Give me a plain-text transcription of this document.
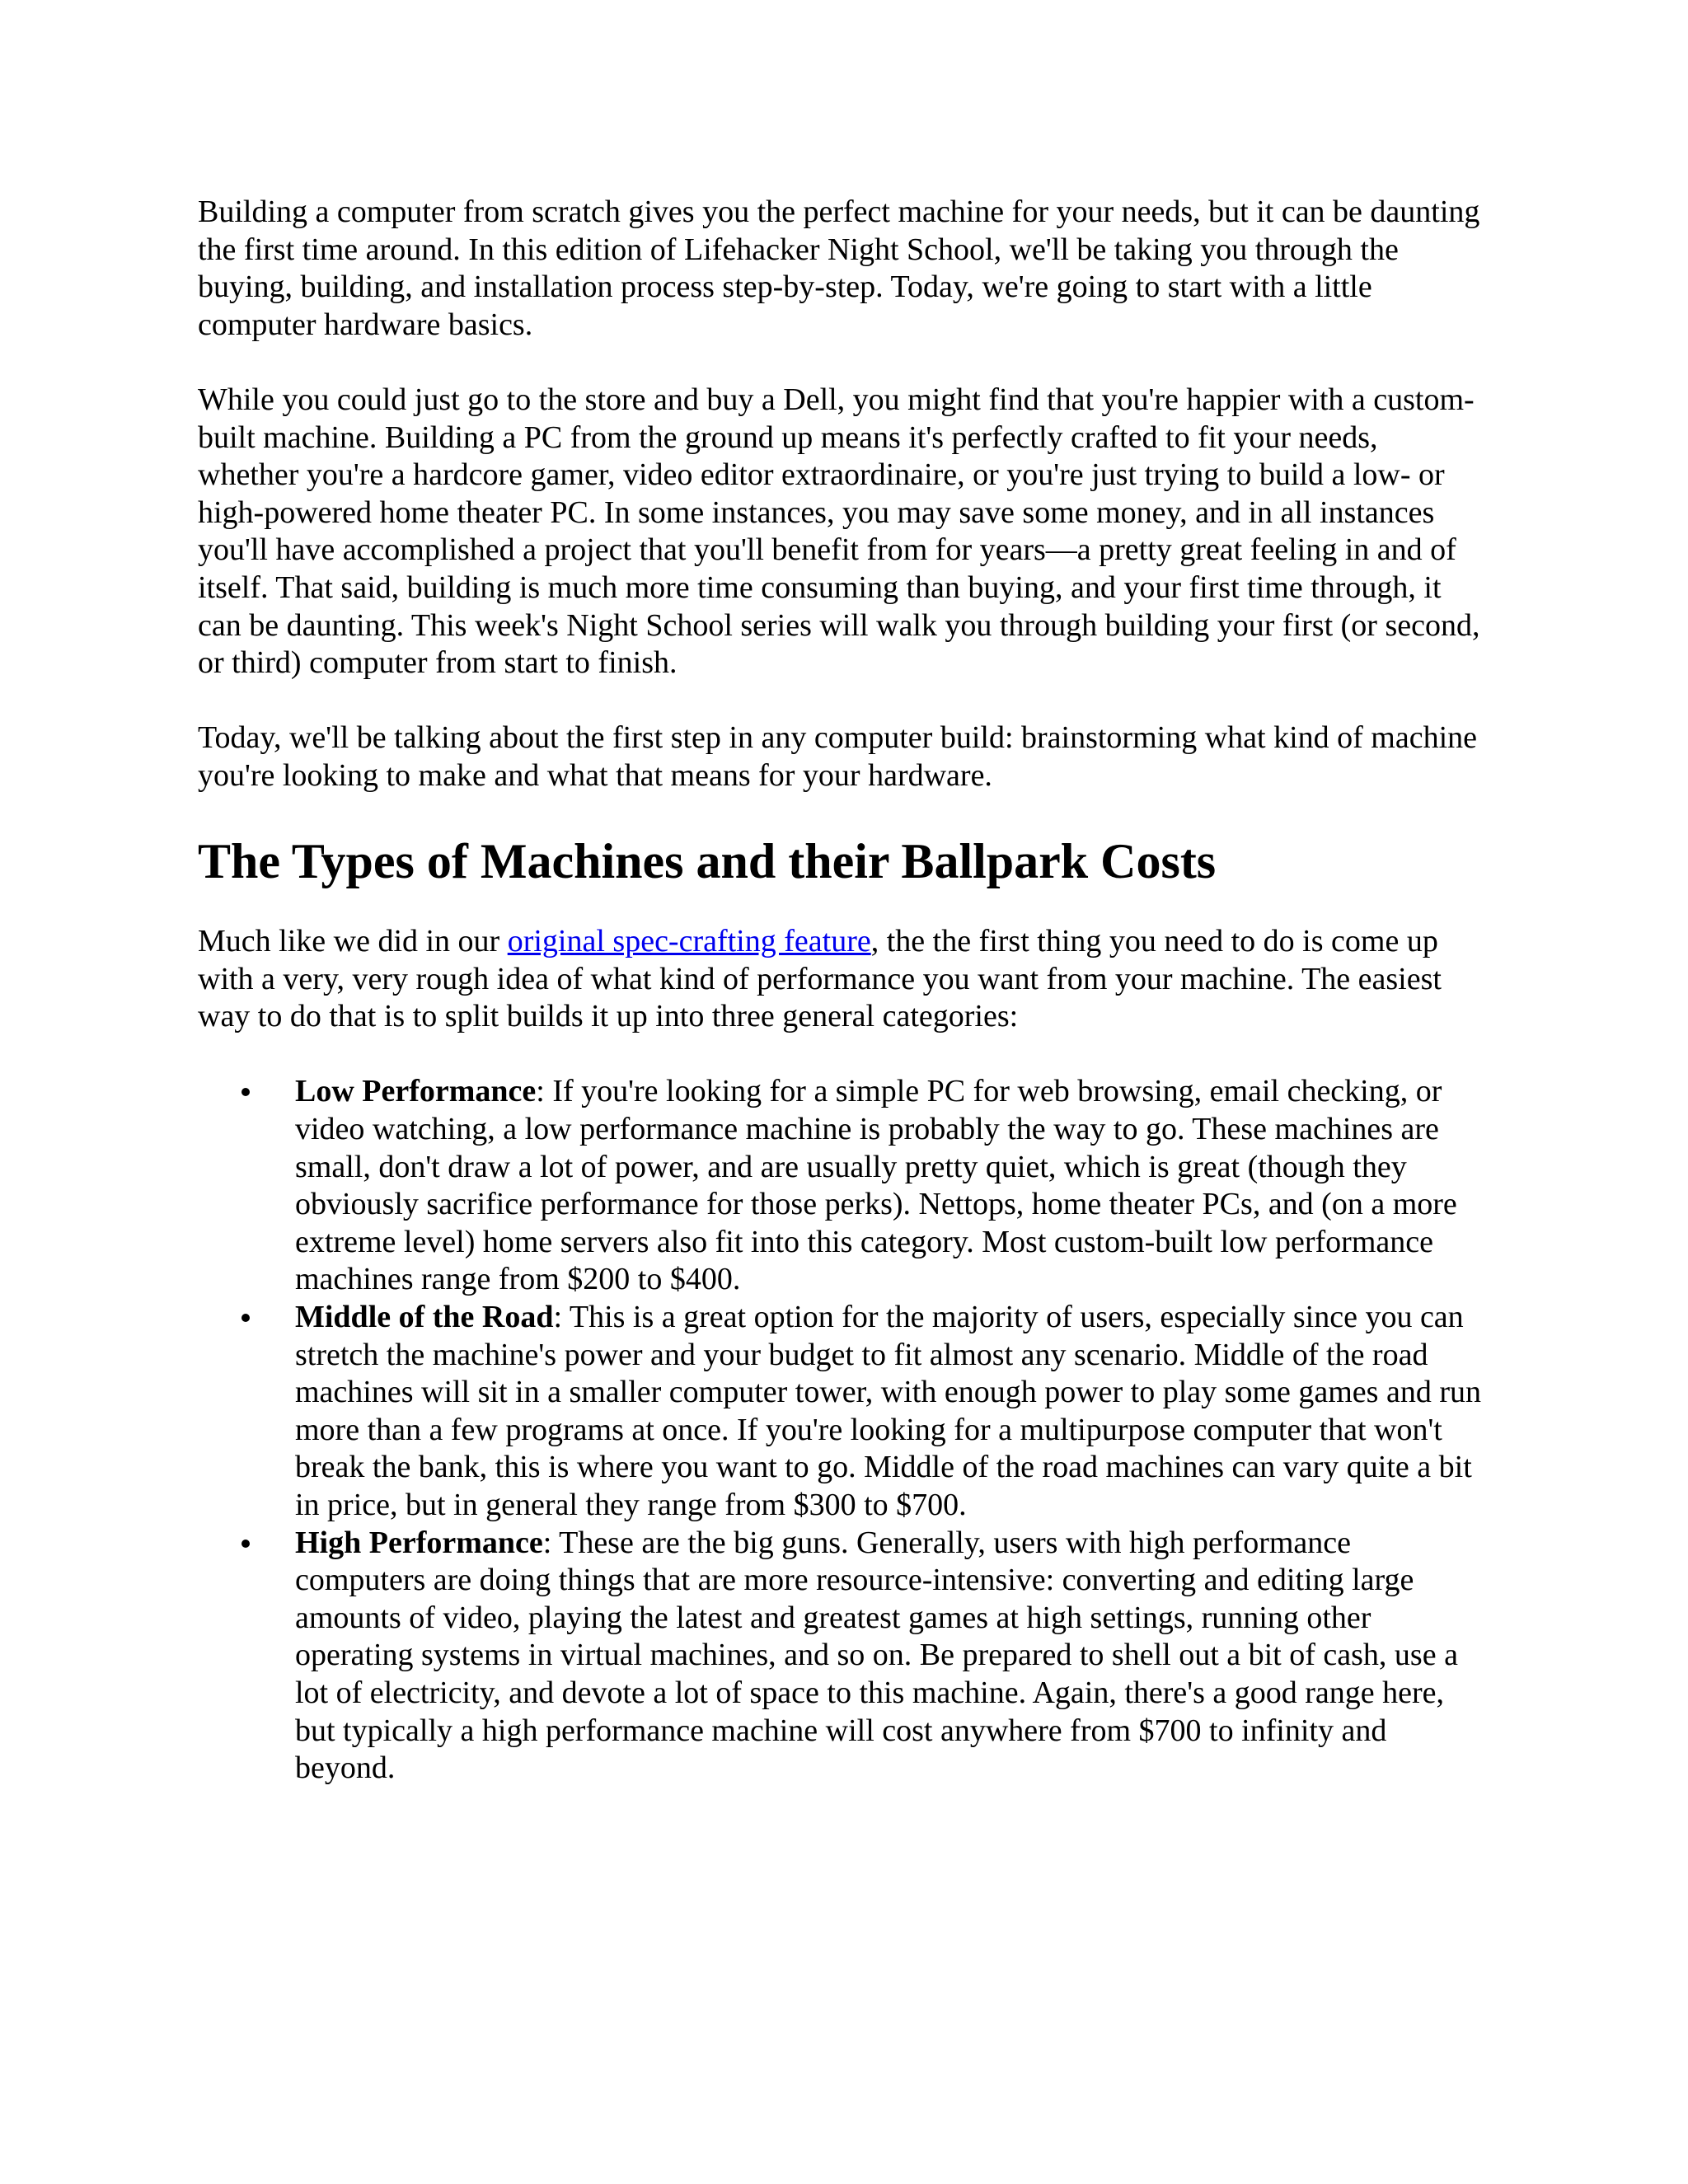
Building a computer from scratch gives you the perfect machine for your needs, but it can be daunting the first time around. In this edition of Lifehacker Night School, we'll be taking you through the buying, building, and installation process step-by-step. Today, we're going to start with a little computer hardware basics.

While you could just go to the store and buy a Dell, you might find that you're happier with a custom-built machine. Building a PC from the ground up means it's perfectly crafted to fit your needs, whether you're a hardcore gamer, video editor extraordinaire, or you're just trying to build a low- or high-powered home theater PC. In some instances, you may save some money, and in all instances you'll have accomplished a project that you'll benefit from for years—a pretty great feeling in and of itself. That said, building is much more time consuming than buying, and your first time through, it can be daunting. This week's Night School series will walk you through building your first (or second, or third) computer from start to finish.

Today, we'll be talking about the first step in any computer build: brainstorming what kind of machine you're looking to make and what that means for your hardware.

The Types of Machines and their Ballpark Costs

Much like we did in our original spec-crafting feature, the the first thing you need to do is come up with a very, very rough idea of what kind of performance you want from your machine. The easiest way to do that is to split builds it up into three general categories:

Low Performance: If you're looking for a simple PC for web browsing, email checking, or video watching, a low performance machine is probably the way to go. These machines are small, don't draw a lot of power, and are usually pretty quiet, which is great (though they obviously sacrifice performance for those perks). Nettops, home theater PCs, and (on a more extreme level) home servers also fit into this category. Most custom-built low performance machines range from $200 to $400.
Middle of the Road: This is a great option for the majority of users, especially since you can stretch the machine's power and your budget to fit almost any scenario. Middle of the road machines will sit in a smaller computer tower, with enough power to play some games and run more than a few programs at once. If you're looking for a multipurpose computer that won't break the bank, this is where you want to go. Middle of the road machines can vary quite a bit in price, but in general they range from $300 to $700.
High Performance: These are the big guns. Generally, users with high performance computers are doing things that are more resource-intensive: converting and editing large amounts of video, playing the latest and greatest games at high settings, running other operating systems in virtual machines, and so on. Be prepared to shell out a bit of cash, use a lot of electricity, and devote a lot of space to this machine. Again, there's a good range here, but typically a high performance machine will cost anywhere from $700 to infinity and beyond.
